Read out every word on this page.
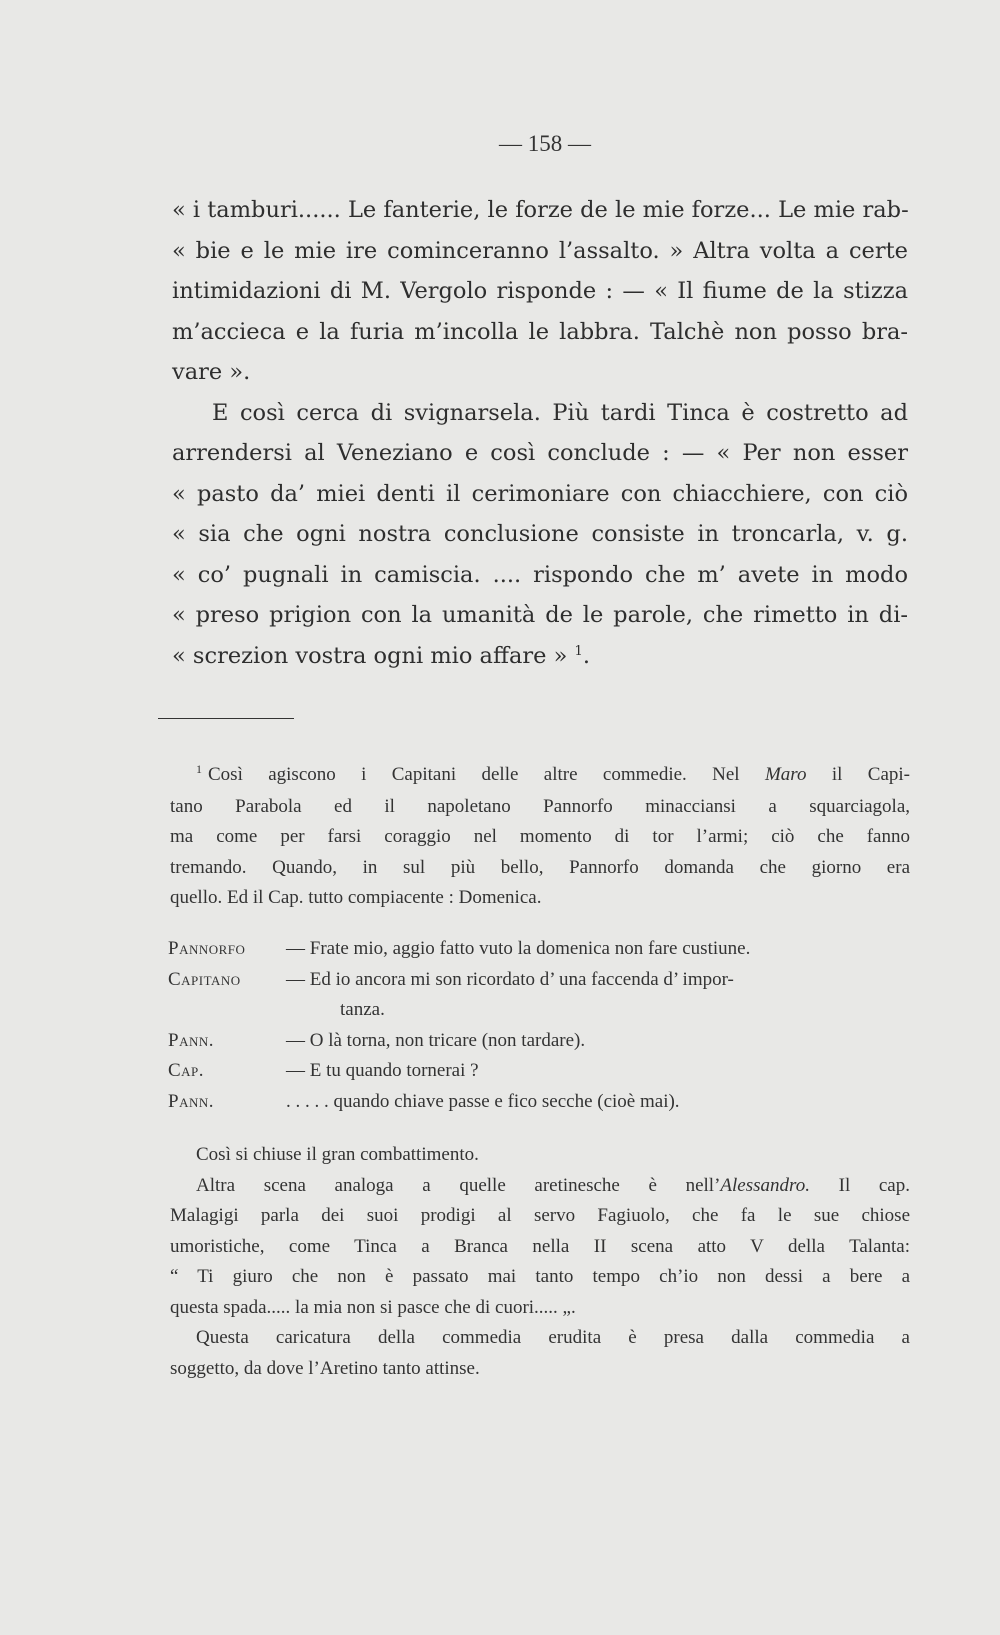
— 158 —
« i tamburi...... Le fanterie, le forze de le mie forze... Le mie rab-
« bie e le mie ire cominceranno l’assalto. » Altra volta a certe
intimidazioni di M. Vergolo risponde : — « Il fiume de la stizza
m’accieca e la furia m’incolla le labbra. Talchè non posso bra-
vare ».
E così cerca di svignarsela. Più tardi Tinca è costretto ad
arrendersi al Veneziano e così conclude : — « Per non esser
« pasto da’ miei denti il cerimoniare con chiacchiere, con ciò
« sia che ogni nostra conclusione consiste in troncarla, v. g.
« co’ pugnali in camiscia. .... rispondo che m’ avete in modo
« preso prigion con la umanità de le parole, che rimetto in di-
« screzion vostra ogni mio affare » $^1$.
$^1$ Così agiscono i Capitani delle altre commedie. Nel Maro il Capi-
tano Parabola ed il napoletano Pannorfo minacciansi a squarciagola,
ma come per farsi coraggio nel momento di tor l’armi; ciò che fanno
tremando. Quando, in sul più bello, Pannorfo domanda che giorno era
quello. Ed il Cap. tutto compiacente : Domenica.
Pannorfo	— Frate mio, aggio fatto vuto la domenica non fare custiune.
Capitano	— Ed io ancora mi son ricordato d’ una faccenda d’ impor-
tanza.
Pann.	— O là torna, non tricare (non tardare).
Cap.	— E tu quando tornerai ?
Pann.	. . . . . quando chiave passe e fico secche (cioè mai).
Così si chiuse il gran combattimento.
Altra scena analoga a quelle aretinesche è nell’Alessandro. Il cap.
Malagigi parla dei suoi prodigi al servo Fagiuolo, che fa le sue chiose
umoristiche, come Tinca a Branca nella II scena atto V della Talanta:
“ Ti giuro che non è passato mai tanto tempo ch’io non dessi a bere a
questa spada..... la mia non si pasce che di cuori..... „.
Questa caricatura della commedia erudita è presa dalla commedia a
soggetto, da dove l’Aretino tanto attinse.
